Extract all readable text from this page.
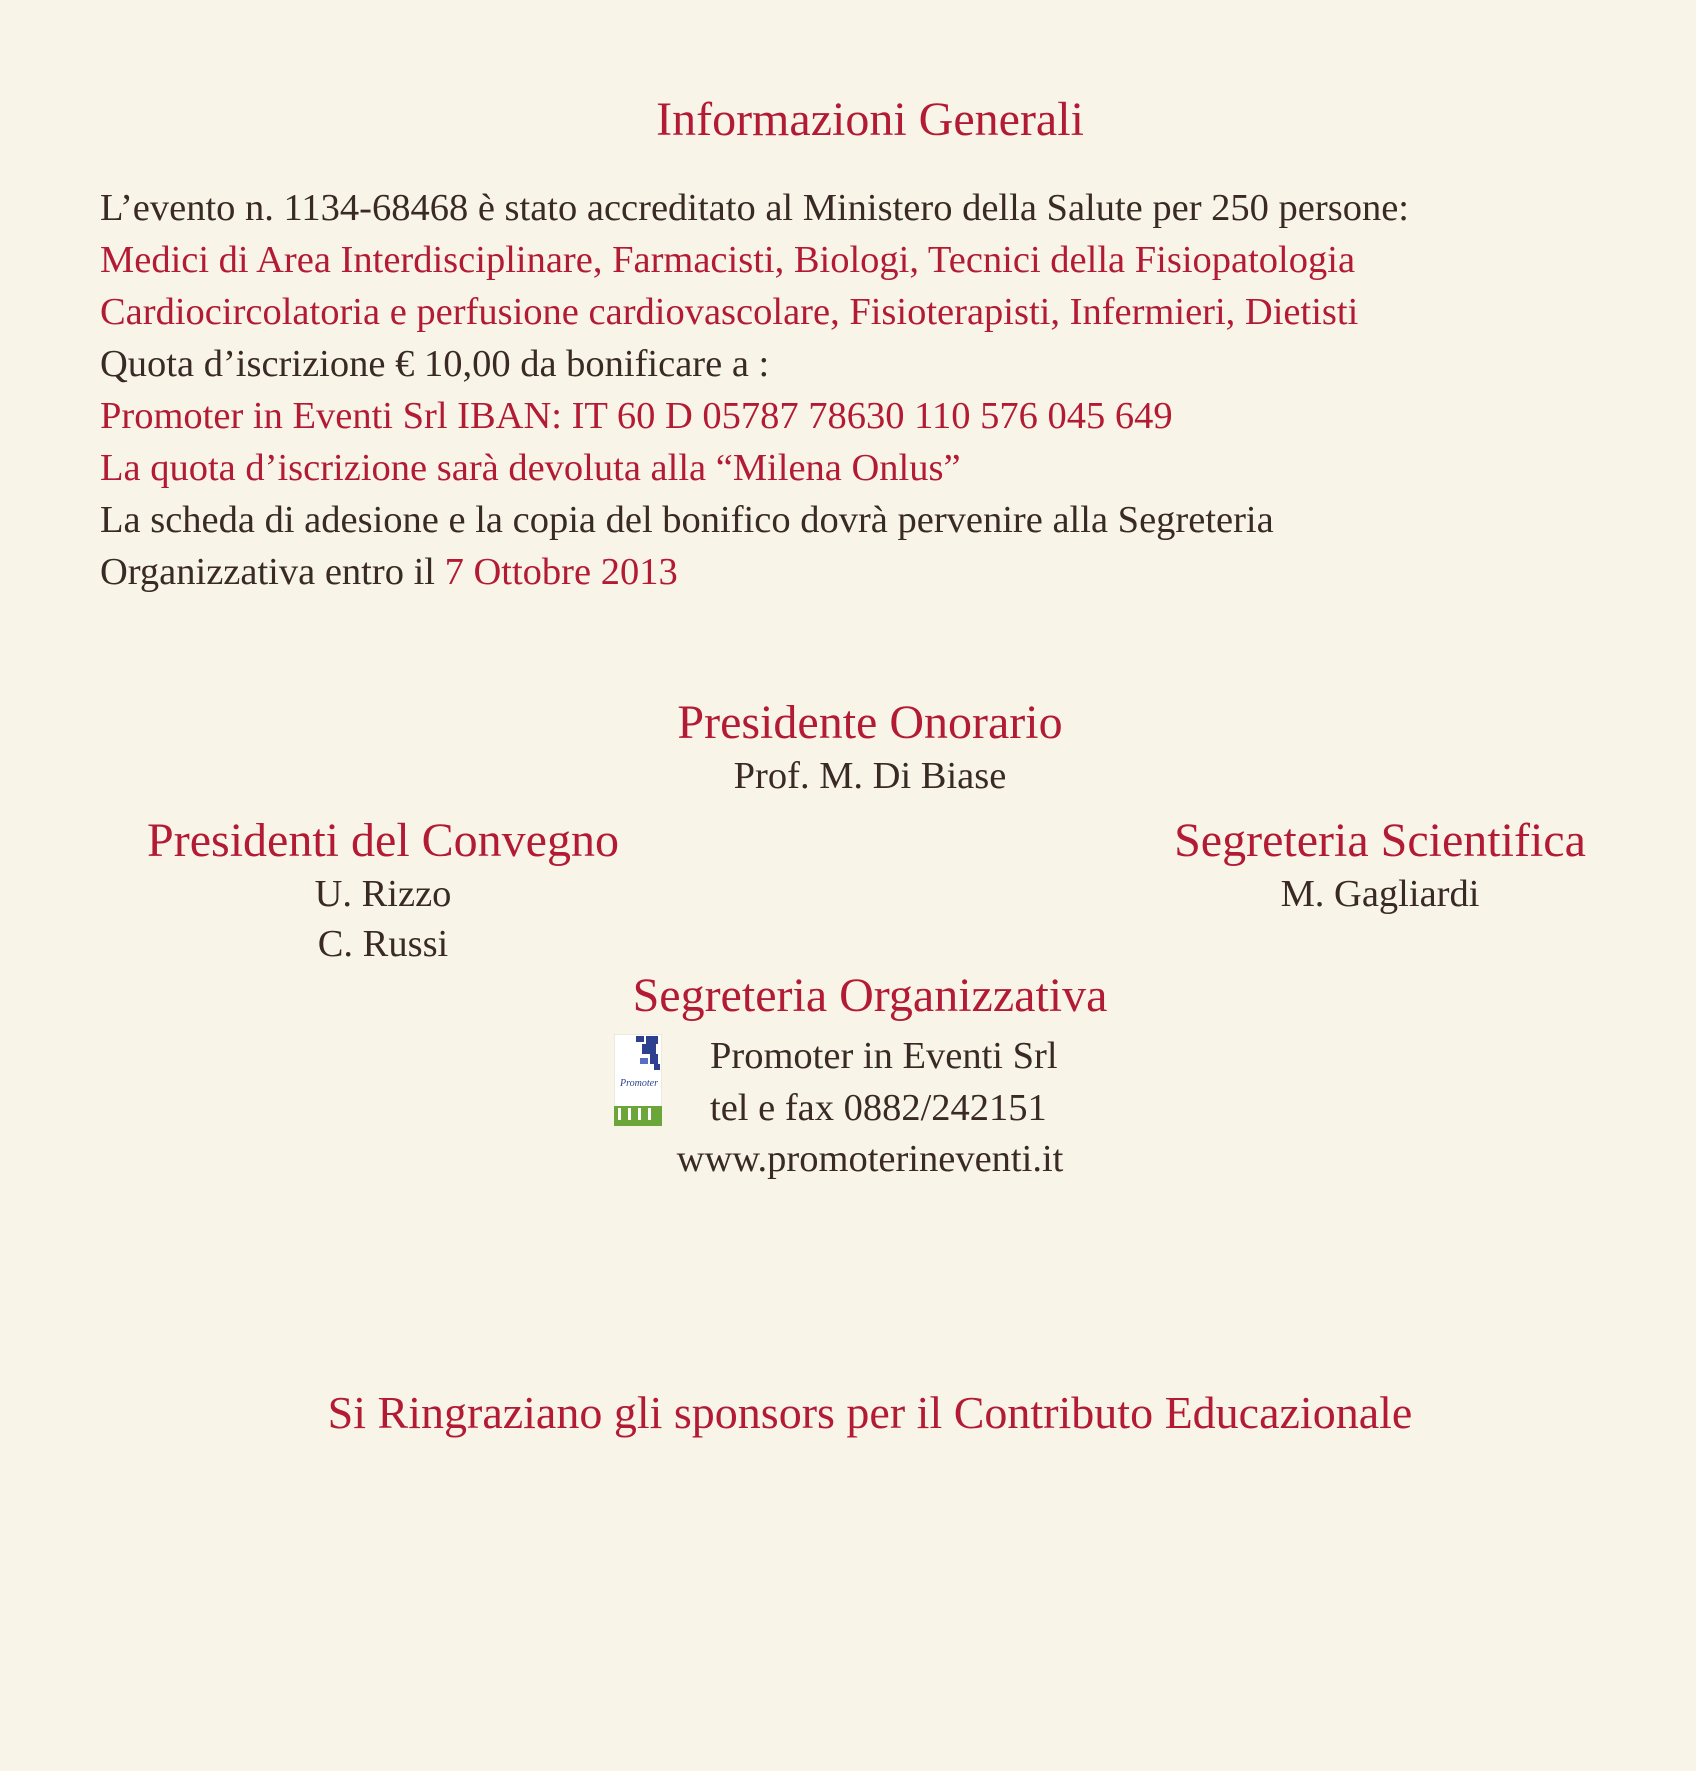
Informazioni Generali
L’evento n. 1134-68468 è stato accreditato al Ministero della Salute per 250 persone:
Medici di Area Interdisciplinare, Farmacisti, Biologi, Tecnici della Fisiopatologia
Cardiocircolatoria e perfusione cardiovascolare, Fisioterapisti, Infermieri, Dietisti
Quota d’iscrizione € 10,00 da bonificare a :
Promoter in Eventi Srl IBAN: IT 60 D 05787 78630 110 576 045 649
La quota d’iscrizione sarà devoluta alla “Milena Onlus”
La scheda di adesione e la copia del bonifico dovrà pervenire alla Segreteria
Organizzativa entro il 7 Ottobre 2013
Presidente Onorario
Prof. M. Di Biase
Presidenti del Convegno
U. Rizzo
C. Russi
Segreteria Scientifica
M. Gagliardi
Segreteria Organizzativa
Promoter
Promoter in Eventi Srl
tel e fax 0882/242151
www.promoterineventi.it
Si Ringraziano gli sponsors per il Contributo Educazionale
